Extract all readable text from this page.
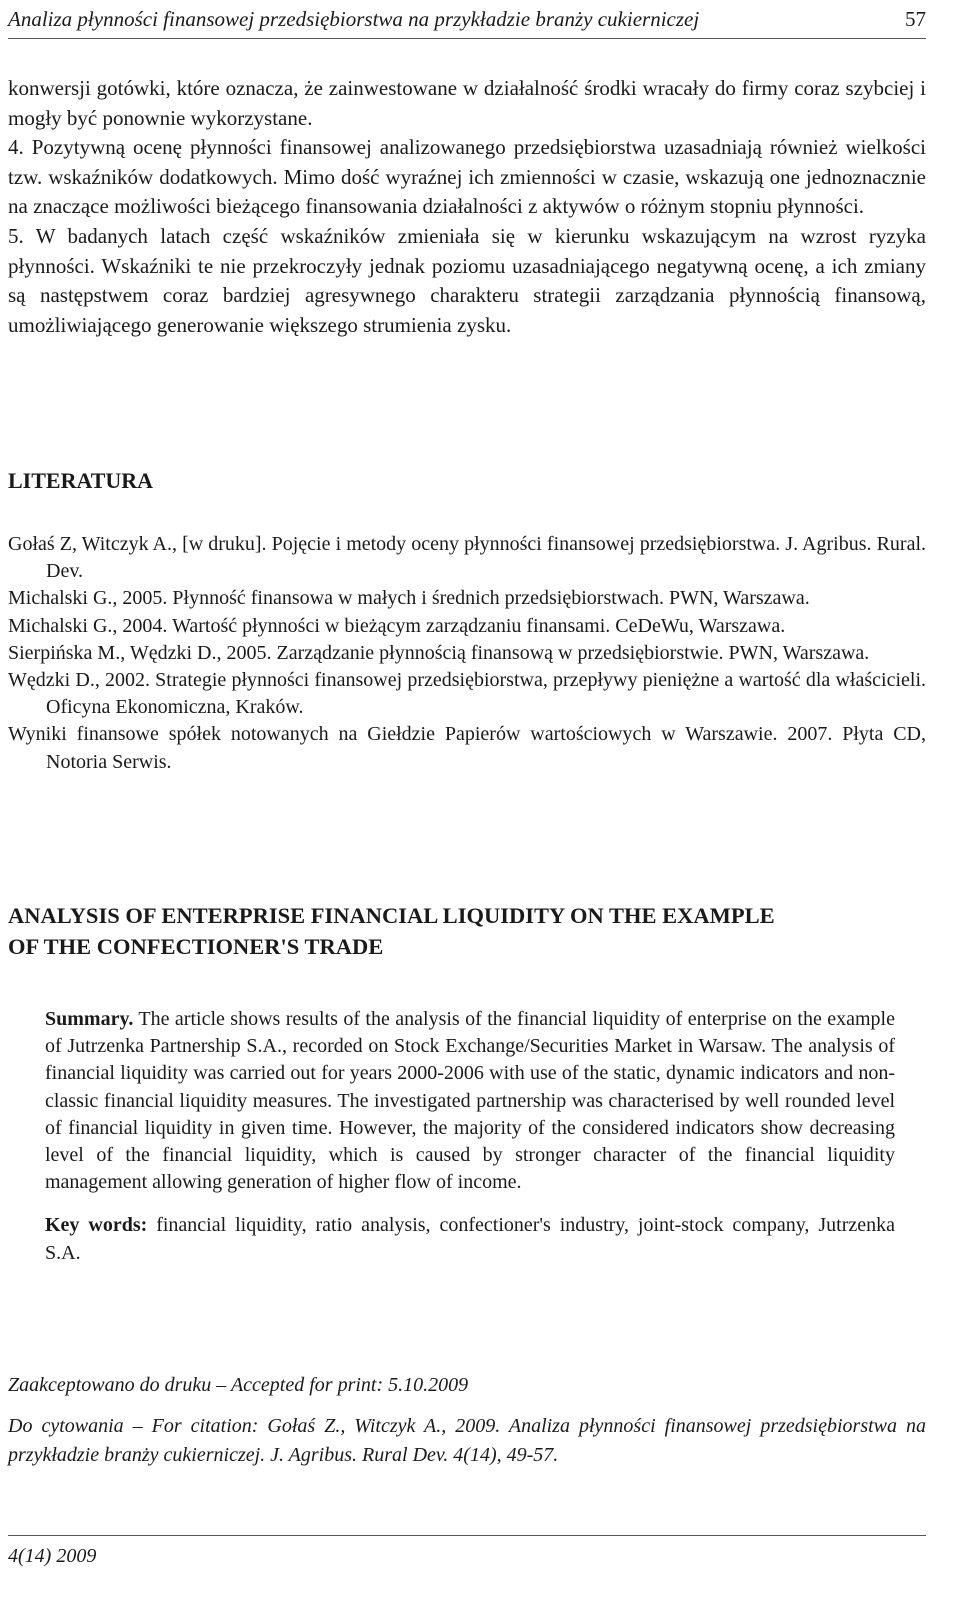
Analiza płynności finansowej przedsiębiorstwa na przykładzie branży cukierniczej	57

konwersji gotówki, które oznacza, że zainwestowane w działalność środki wracały do firmy coraz szybciej i mogły być ponownie wykorzystane.

4. Pozytywną ocenę płynności finansowej analizowanego przedsiębiorstwa uzasadniają również wielkości tzw. wskaźników dodatkowych. Mimo dość wyraźnej ich zmienności w czasie, wskazują one jednoznacznie na znaczące możliwości bieżącego finansowania działalności z aktywów o różnym stopniu płynności.

5. W badanych latach część wskaźników zmieniała się w kierunku wskazującym na wzrost ryzyka płynności. Wskaźniki te nie przekroczyły jednak poziomu uzasadniającego negatywną ocenę, a ich zmiany są następstwem coraz bardziej agresywnego charakteru strategii zarządzania płynnością finansową, umożliwiającego generowanie większego strumienia zysku.

LITERATURA
Gołaś Z, Witczyk A., [w druku]. Pojęcie i metody oceny płynności finansowej przedsiębiorstwa. J. Agribus. Rural. Dev.
Michalski G., 2005. Płynność finansowa w małych i średnich przedsiębiorstwach. PWN, Warszawa.
Michalski G., 2004. Wartość płynności w bieżącym zarządzaniu finansami. CeDeWu, Warszawa.
Sierpińska M., Wędzki D., 2005. Zarządzanie płynnością finansową w przedsiębiorstwie. PWN, Warszawa.
Wędzki D., 2002. Strategie płynności finansowej przedsiębiorstwa, przepływy pieniężne a wartość dla właścicieli. Oficyna Ekonomiczna, Kraków.
Wyniki finansowe spółek notowanych na Giełdzie Papierów wartościowych w Warszawie. 2007. Płyta CD, Notoria Serwis.
ANALYSIS OF ENTERPRISE FINANCIAL LIQUIDITY ON THE EXAMPLE
OF THE CONFECTIONER'S TRADE

Summary. The article shows results of the analysis of the financial liquidity of enterprise on the example of Jutrzenka Partnership S.A., recorded on Stock Exchange/Securities Market in Warsaw. The analysis of financial liquidity was carried out for years 2000-2006 with use of the static, dynamic indicators and non-classic financial liquidity measures. The investigated partnership was characterised by well rounded level of financial liquidity in given time. However, the majority of the considered indicators show decreasing level of the financial liquidity, which is caused by stronger character of the financial liquidity management allowing generation of higher flow of income.

Key words: financial liquidity, ratio analysis, confectioner's industry, joint-stock company, Jutrzenka S.A.

Zaakceptowano do druku – Accepted for print: 5.10.2009
Do cytowania – For citation: Gołaś Z., Witczyk A., 2009. Analiza płynności finansowej przedsiębiorstwa na przykładzie branży cukierniczej. J. Agribus. Rural Dev. 4(14), 49-57.
4(14) 2009
